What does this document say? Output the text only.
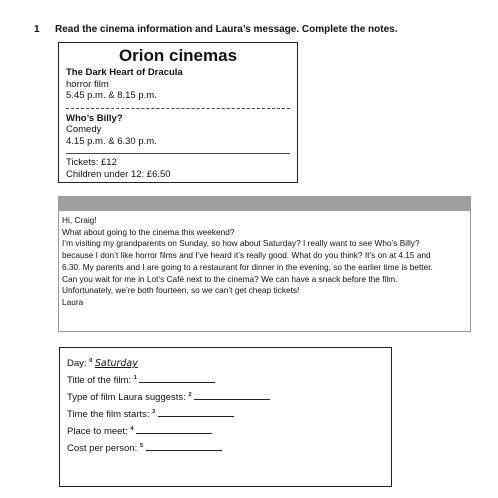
1 Read the cinema information and Laura’s message. Complete the notes.
Orion cinemas
The Dark Heart of Dracula
horror film
5.45 p.m. & 8.15 p.m.
Who’s Billy?
Comedy
4.15 p.m. & 6.30 p.m.
Tickets: £12
Children under 12: £6.50
Hi, Craig!
What about going to the cinema this weekend?
I’m visiting my grandparents on Sunday, so how about Saturday? I really want to see Who’s Billy?
because I don’t like horror films and I’ve heard it’s really good. What do you think? It’s on at 4.15 and
6.30. My parents and I are going to a restaurant for dinner in the evening, so the earlier time is better.
Can you wait for me in Lot’s Café next to the cinema? We can have a snack before the film.
Unfortunately, we’re both fourteen, so we can’t get cheap tickets!
Laura
Day: $^0$ Saturday
Title of the film: $^1$
Type of film Laura suggests: $^2$
Time the film starts: $^3$
Place to meet: $^4$
Cost per person: $^5$
